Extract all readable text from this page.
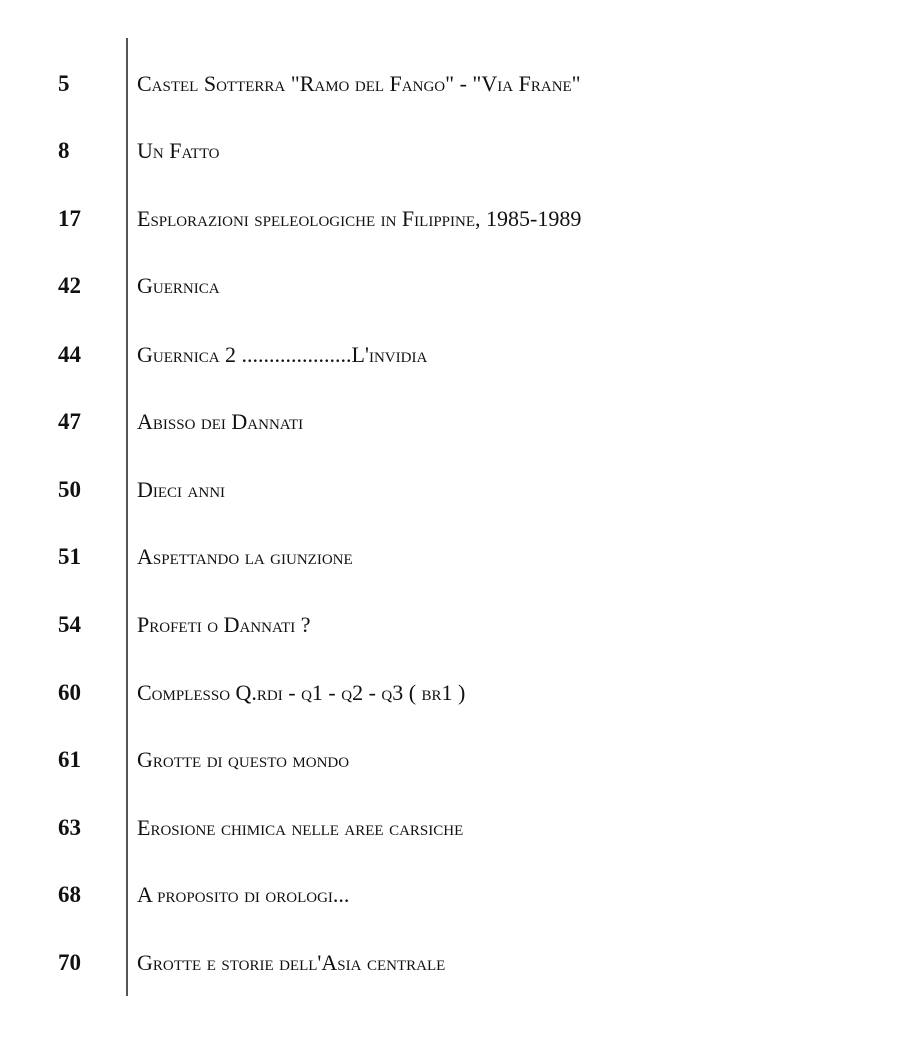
5	Castel Sotterra "Ramo del Fango" - "Via Frane"
8	Un Fatto
17	Esplorazioni speleologiche in Filippine, 1985-1989
42	Guernica
44	Guernica 2 ....................L'invidia
47	Abisso dei Dannati
50	Dieci anni
51	Aspettando la giunzione
54	Profeti o Dannati ?
60	Complesso Q.rdi - q1 - q2 - q3 ( br1 )
61	Grotte di questo mondo
63	Erosione chimica nelle aree carsiche
68	A proposito di orologi...
70	Grotte e storie dell'Asia centrale
